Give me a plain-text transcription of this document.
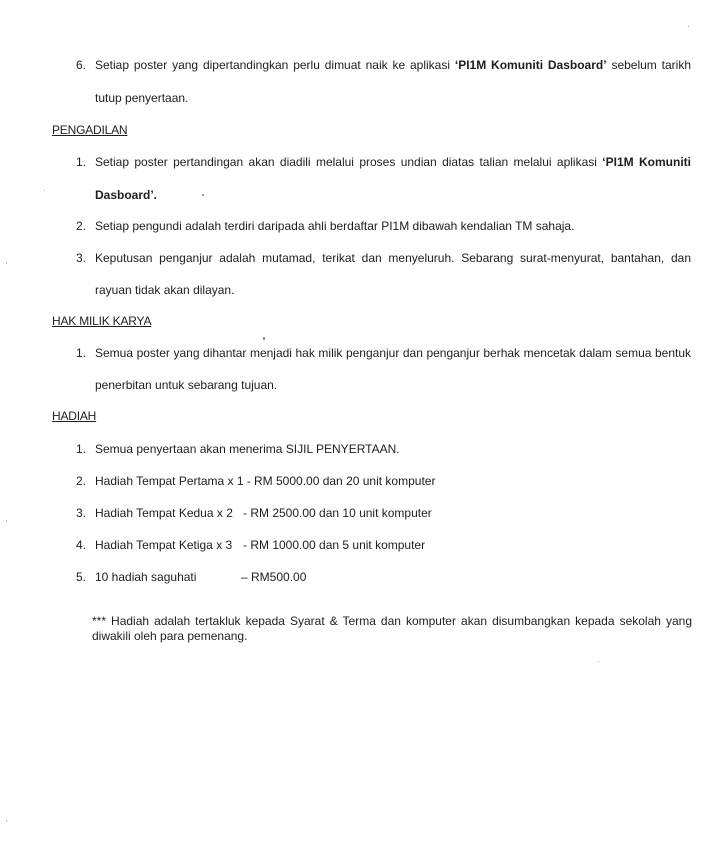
6. Setiap poster yang dipertandingkan perlu dimuat naik ke aplikasi ‘PI1M Komuniti Dasboard’ sebelum tarikh
tutup penyertaan.
PENGADILAN
1. Setiap poster pertandingan akan diadili melalui proses undian diatas talian melalui aplikasi ‘PI1M Komuniti
Dasboard’.
2. Setiap pengundi adalah terdiri daripada ahli berdaftar PI1M dibawah kendalian TM sahaja.
3. Keputusan penganjur adalah mutamad, terikat dan menyeluruh. Sebarang surat-menyurat, bantahan, dan
rayuan tidak akan dilayan.
HAK MILIK KARYA
1. Semua poster yang dihantar menjadi hak milik penganjur dan penganjur berhak mencetak dalam semua bentuk
penerbitan untuk sebarang tujuan.
HADIAH
1. Semua penyertaan akan menerima SIJIL PENYERTAAN.
2. Hadiah Tempat Pertama x 1 - RM 5000.00 dan 20 unit komputer
3. Hadiah Tempat Kedua x 2 - RM 2500.00 dan 10 unit komputer
4. Hadiah Tempat Ketiga x 3 - RM 1000.00 dan 5 unit komputer
5. 10 hadiah saguhati	– RM500.00
*** Hadiah adalah tertakluk kepada Syarat & Terma dan komputer akan disumbangkan kepada sekolah yang diwakili oleh para pemenang.
